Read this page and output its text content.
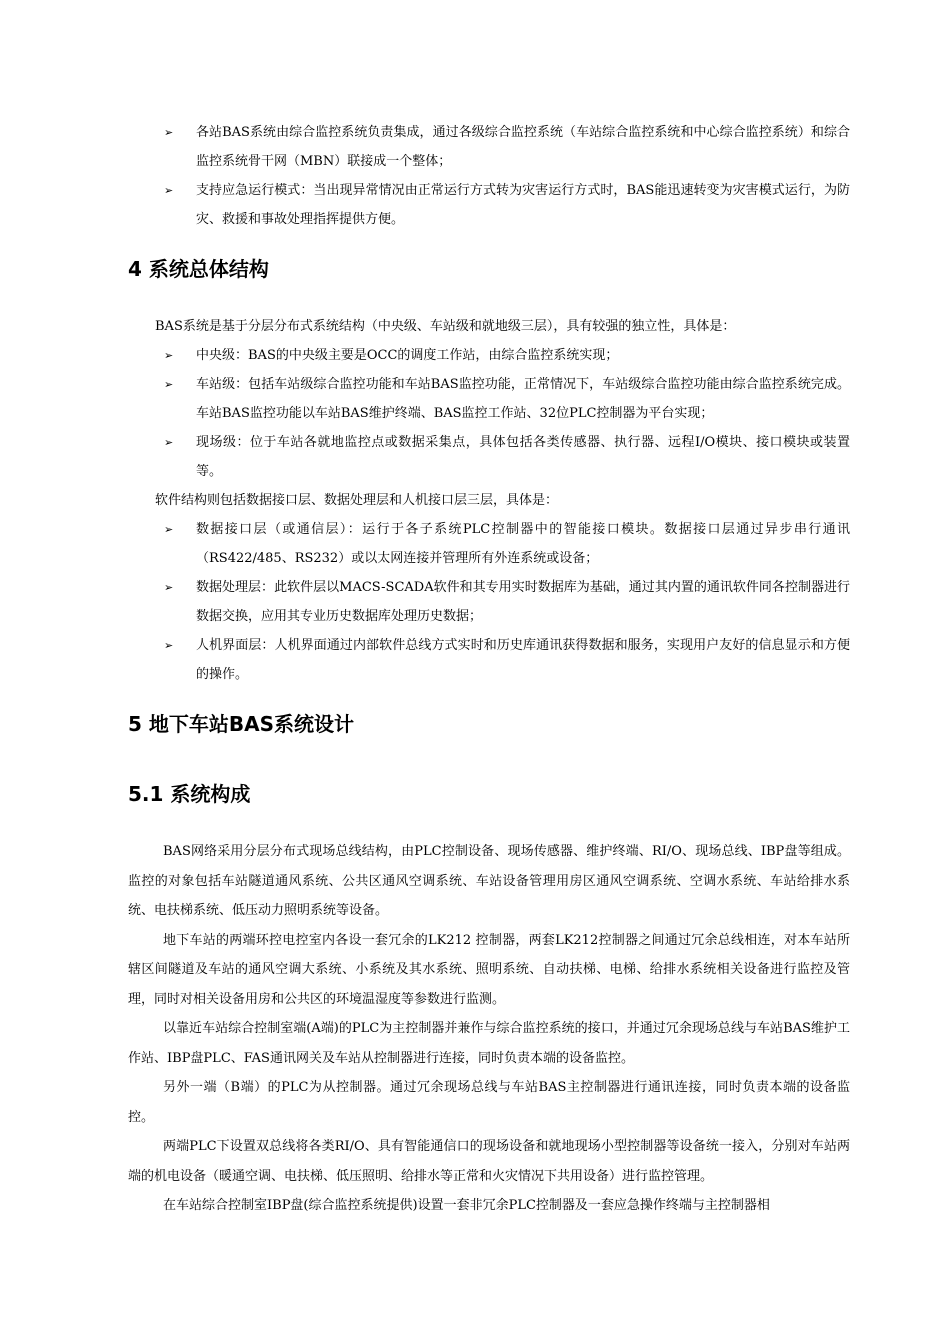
➢ 各站BAS系统由综合监控系统负责集成，通过各级综合监控系统（车站综合监控系统和中心综合监控系统）和综合监控系统骨干网（MBN）联接成一个整体；
➢ 支持应急运行模式：当出现异常情况由正常运行方式转为灾害运行方式时，BAS能迅速转变为灾害模式运行，为防灾、救援和事故处理指挥提供方便。
4 系统总体结构

BAS系统是基于分层分布式系统结构（中央级、车站级和就地级三层），具有较强的独立性，具体是：

➢ 中央级：BAS的中央级主要是OCC的调度工作站，由综合监控系统实现；
➢ 车站级：包括车站级综合监控功能和车站BAS监控功能，正常情况下，车站级综合监控功能由综合监控系统完成。车站BAS监控功能以车站BAS维护终端、BAS监控工作站、32位PLC控制器为平台实现；
➢ 现场级：位于车站各就地监控点或数据采集点，具体包括各类传感器、执行器、远程I/O模块、接口模块或装置等。

软件结构则包括数据接口层、数据处理层和人机接口层三层，具体是：

➢ 数据接口层（或通信层）：运行于各子系统PLC控制器中的智能接口模块。数据接口层通过异步串行通讯（RS422/485、RS232）或以太网连接并管理所有外连系统或设备；
➢ 数据处理层：此软件层以MACS-SCADA软件和其专用实时数据库为基础，通过其内置的通讯软件同各控制器进行数据交换，应用其专业历史数据库处理历史数据；
➢ 人机界面层：人机界面通过内部软件总线方式实时和历史库通讯获得数据和服务，实现用户友好的信息显示和方便的操作。
5 地下车站BAS系统设计
5.1 系统构成

BAS网络采用分层分布式现场总线结构，由PLC控制设备、现场传感器、维护终端、RI/O、现场总线、IBP盘等组成。监控的对象包括车站隧道通风系统、公共区通风空调系统、车站设备管理用房区通风空调系统、空调水系统、车站给排水系统、电扶梯系统、低压动力照明系统等设备。

地下车站的两端环控电控室内各设一套冗余的LK212 控制器，两套LK212控制器之间通过冗余总线相连，对本车站所辖区间隧道及车站的通风空调大系统、小系统及其水系统、照明系统、自动扶梯、电梯、给排水系统相关设备进行监控及管理，同时对相关设备用房和公共区的环境温湿度等参数进行监测。

以靠近车站综合控制室端(A端)的PLC为主控制器并兼作与综合监控系统的接口，并通过冗余现场总线与车站BAS维护工作站、IBP盘PLC、FAS通讯网关及车站从控制器进行连接，同时负责本端的设备监控。

另外一端（B端）的PLC为从控制器。通过冗余现场总线与车站BAS主控制器进行通讯连接，同时负责本端的设备监控。

两端PLC下设置双总线将各类RI/O、具有智能通信口的现场设备和就地现场小型控制器等设备统一接入，分别对车站两端的机电设备（暖通空调、电扶梯、低压照明、给排水等正常和火灾情况下共用设备）进行监控管理。

在车站综合控制室IBP盘(综合监控系统提供)设置一套非冗余PLC控制器及一套应急操作终端与主控制器相
